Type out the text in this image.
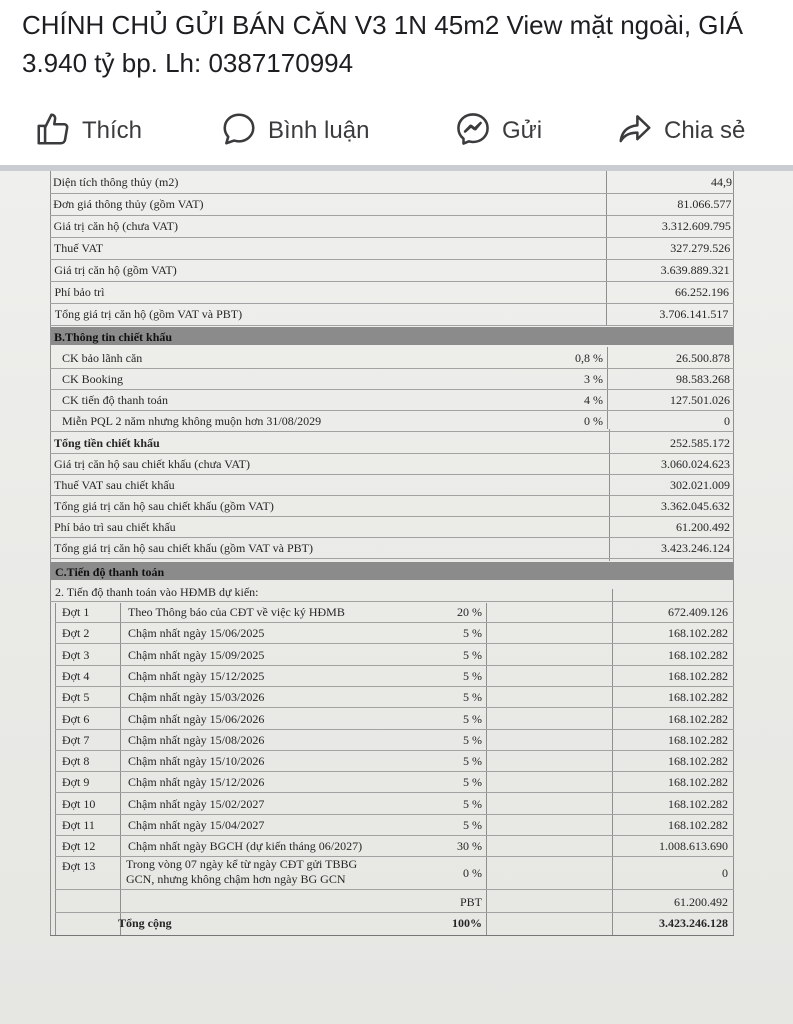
CHÍNH CHỦ GỬI BÁN CĂN V3 1N 45m2 View mặt ngoài, GIÁ 3.940 tỷ bp. Lh: 0387170994
Thích	Bình luận	Gửi	Chia sẻ
Diện tích thông thủy (m2)	44,9
Đơn giá thông thủy (gồm VAT)	81.066.577
Giá trị căn hộ (chưa VAT)	3.312.609.795
Thuế VAT	327.279.526
Giá trị căn hộ (gồm VAT)	3.639.889.321
Phí bảo trì	66.252.196
Tổng giá trị căn hộ (gồm VAT và PBT)	3.706.141.517
B.Thông tin chiết khấu
CK bảo lãnh căn	0,8 %	26.500.878
CK Booking	3 %	98.583.268
CK tiến độ thanh toán	4 %	127.501.026
Miễn PQL 2 năm nhưng không muộn hơn 31/08/2029	0 %	0
Tổng tiền chiết khấu	252.585.172
Giá trị căn hộ sau chiết khấu (chưa VAT)	3.060.024.623
Thuế VAT sau chiết khấu	302.021.009
Tổng giá trị căn hộ sau chiết khấu (gồm VAT)	3.362.045.632
Phí bảo trì sau chiết khấu	61.200.492
Tổng giá trị căn hộ sau chiết khấu (gồm VAT và PBT)	3.423.246.124
C.Tiến độ thanh toán
2. Tiến độ thanh toán vào HĐMB dự kiến:
Đợt 1	Theo Thông báo của CĐT về việc ký HĐMB	20 %	672.409.126
Đợt 2	Chậm nhất ngày 15/06/2025	5 %	168.102.282
Đợt 3	Chậm nhất ngày 15/09/2025	5 %	168.102.282
Đợt 4	Chậm nhất ngày 15/12/2025	5 %	168.102.282
Đợt 5	Chậm nhất ngày 15/03/2026	5 %	168.102.282
Đợt 6	Chậm nhất ngày 15/06/2026	5 %	168.102.282
Đợt 7	Chậm nhất ngày 15/08/2026	5 %	168.102.282
Đợt 8	Chậm nhất ngày 15/10/2026	5 %	168.102.282
Đợt 9	Chậm nhất ngày 15/12/2026	5 %	168.102.282
Đợt 10	Chậm nhất ngày 15/02/2027	5 %	168.102.282
Đợt 11	Chậm nhất ngày 15/04/2027	5 %	168.102.282
Đợt 12	Chậm nhất ngày BGCH (dự kiến tháng 06/2027)	30 %	1.008.613.690
Đợt 13	Trong vòng 07 ngày kể từ ngày CĐT gửi TBBG
GCN, nhưng không chậm hơn ngày BG GCN	0 %	0
PBT	61.200.492
Tổng cộng	100%	3.423.246.128
